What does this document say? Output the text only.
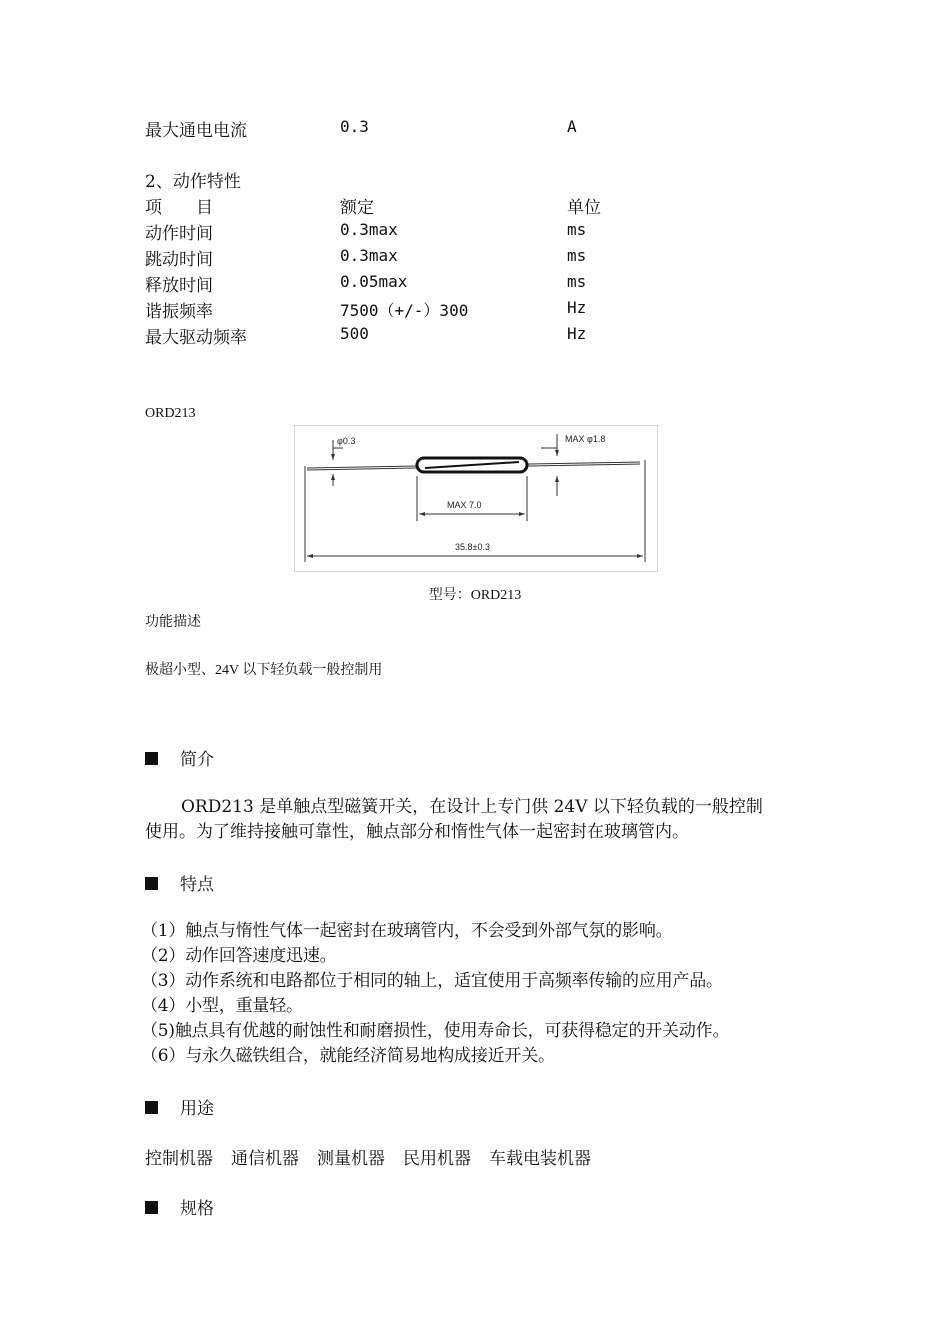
最大通电电流	0.3	A
2、动作特性
项　　目	额定	单位
动作时间	0.3max	ms
跳动时间	0.3max	ms
释放时间	0.05max	ms
谐振频率	7500（+/-）300	Hz
最大驱动频率	500	Hz
ORD213
φ0.3	MAX φ1.8
MAX 7.0
35.8±0.3
型号：ORD213
功能描述
极超小型、24V 以下轻负载一般控制用
简介
ORD213 是单触点型磁簧开关，在设计上专门供 24V 以下轻负载的一般控制
使用。为了维持接触可靠性，触点部分和惰性气体一起密封在玻璃管内。
特点
（1）触点与惰性气体一起密封在玻璃管内，不会受到外部气氛的影响。
（2）动作回答速度迅速。
（3）动作系统和电路都位于相同的轴上，适宜使用于高频率传输的应用产品。
（4）小型，重量轻。
（5)触点具有优越的耐蚀性和耐磨损性，使用寿命长，可获得稳定的开关动作。
（6）与永久磁铁组合，就能经济简易地构成接近开关。
用途
控制机器 通信机器 测量机器 民用机器 车载电装机器
规格
